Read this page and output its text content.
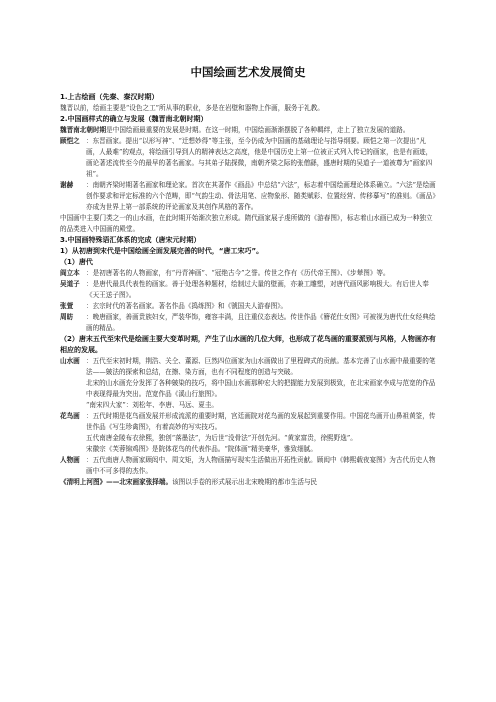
中国绘画艺术发展简史
1.上古绘画（先秦、秦汉时期）

魏晋以前，绘画主要是“设色之工”所从事的职业，多是在岩壁和器物上作画，服务于礼教。

2.中国画样式的确立与发展（魏晋南北朝时期）

魏晋南北朝时期是中国绘画最重要的发展是时期。在这一时期，中国绘画渐渐摆脱了各种羁绊，走上了独立发展的道路。

顾恺之 ：东晋画家。提出“以形写神”、“迁想妙得”等主张，至今仍成为中国画的基础理论与指导纲要。顾恺之第一次提出“凡画，人最难”的观点，将绘画引导到人的精神表达之高度，他是中国历史上第一位被正式列入传记的画家，也是有画迹，画论著述流传至今的最早的著名画家。与其弟子陆探微，南朝齐梁之际的张僧繇，盛唐时期的吴道子一道被尊为“画家四祖”。
谢赫	：南朝齐梁时期著名画家和理论家。首次在其著作《画品》中总结“六法”，标志着中国绘画理论体系确立。“六法”是绘画创作要求和评定标准的六个范畴，即“气韵生动、骨法用笔、应物象形、随类赋彩、位置经营、传移摹写”的准则。《画品》亦成为世界上第一部系统的评论画家及其创作风格的著作。

中国画中主要门类之一的山水画，在此时期开始渐次独立形成。隋代画家展子虔所做的《游春图》，标志着山水画已成为一种独立的品类进入中国画的殿堂。

3.中国画特殊语汇体系的完成（唐宋元时期）
1）从初唐到宋代是中国绘画全面发展完善的时代，“唐工宋巧”。
（1）唐代
阎立本 ：是初唐著名的人物画家，有“丹青神画”、“冠绝古今”之誉。传世之作有《历代帝王图》、《步辇图》等。
吴道子 ：是唐代最具代表性的画家。善于处理各种题材，绘制过大量的壁画，亦兼工雕塑，对唐代画风影响极大。有后世人奉《天王送子图》。
张萱	：玄宗时代的著名画家。著名作品《捣练图》和《虢国夫人游春图》。
周昉	：晚唐画家，善画贵族妇女，严装华饰，雍容丰满，且注重仪态表达。传世作品《簪花仕女图》可被视为唐代仕女经典绘画的精品。
（2）唐末五代至宋代是绘画主要大变革时期，产生了山水画的几位大师，也形成了花鸟画的重要派别与风格，人物画亦有相应的发展。
山水画 ：五代至宋初时期，荆浩、关仝、董源、巨然四位画家为山水画做出了里程碑式的贡献。基本完善了山水画中最重要的笔法——皴法的探索和总结，在擦、染方面，也有不同程度的创造与突破。

北宋的山水画充分发挥了各种皴染的技巧，将中国山水画那种宏大的把握能力发展到极致，在北宋画家李成与范宽的作品中表现得最为突出。范宽作品《溪山行旅图》。

“南宋四大家”：刘松年、李唐、马远、夏圭。

花鸟画 ：五代时期是花鸟画发展并形成流派的重要时期，宫廷画院对花鸟画的发展起到重要作用。中国花鸟画开山鼻祖黄筌，传世作品《写生珍禽图》，有着高妙的写实技巧。

五代南唐金陵布衣徐熙，独创“落墨法”，为后世“没骨法”开创先河。“黄家富贵，徐熙野逸”。

宋徽宗《芙蓉锦鸡图》是院体花鸟的代表作品。“院体画”精美豪华，雅致细腻。

人物画 ：五代南唐人物画家顾闳中、周文矩，为人物画描写现实生活做出开拓性贡献。顾闳中《韩熙载夜宴图》为古代历史人物画中不可多得的杰作。

《清明上河图》——北宋画家张择端。该图以手卷的形式展示出北宋晚期的都市生活与民
